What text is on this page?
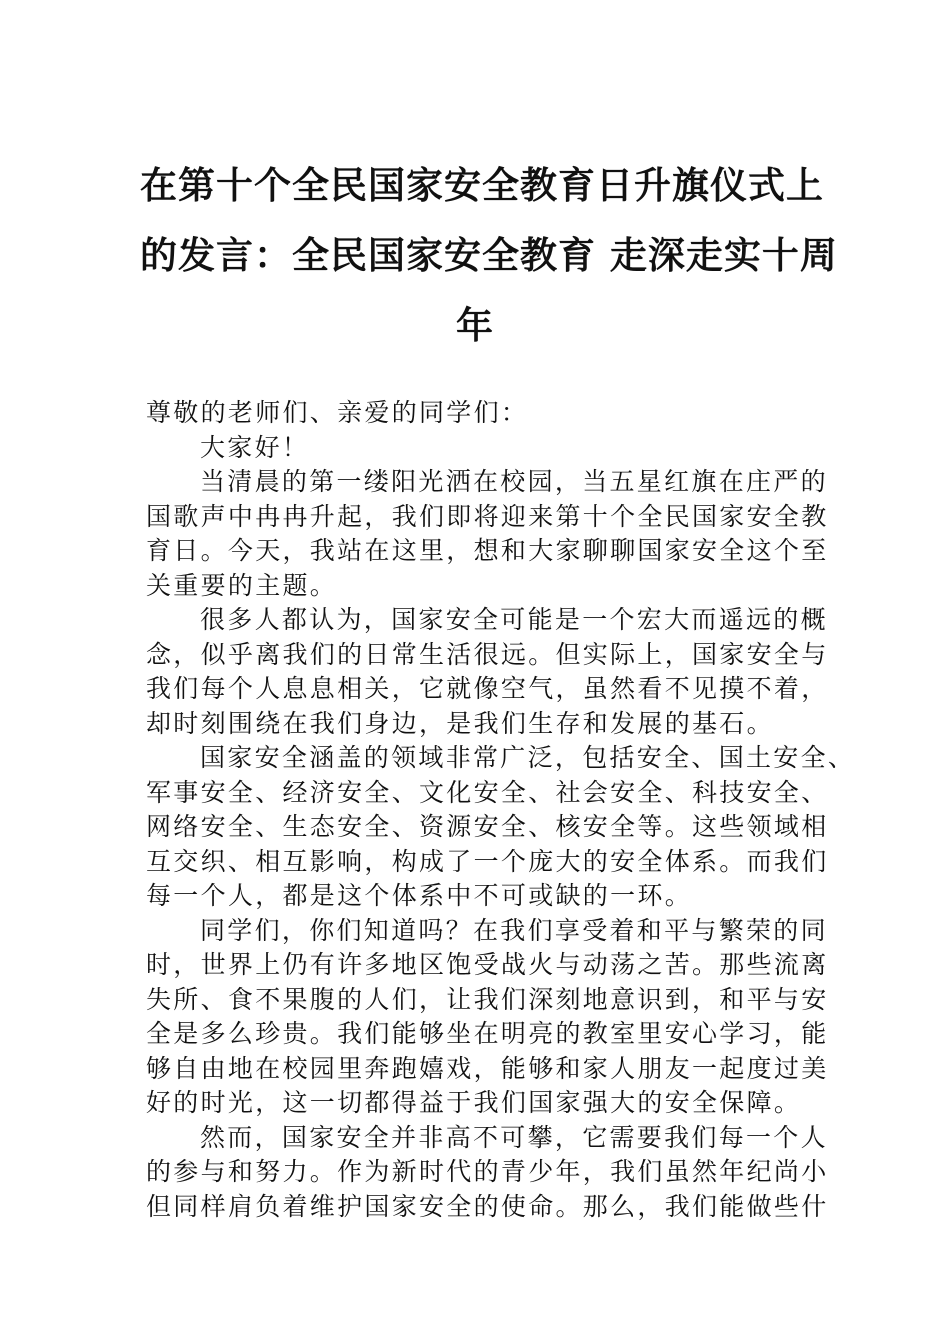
在第十个全民国家安全教育日升旗仪式上
的发言：全民国家安全教育 走深走实十周
年
尊敬的老师们、亲爱的同学们：
大家好！
当清晨的第一缕阳光洒在校园，当五星红旗在庄严的
国歌声中冉冉升起，我们即将迎来第十个全民国家安全教
育日。今天，我站在这里，想和大家聊聊国家安全这个至
关重要的主题。
很多人都认为，国家安全可能是一个宏大而遥远的概
念，似乎离我们的日常生活很远。但实际上，国家安全与
我们每个人息息相关，它就像空气，虽然看不见摸不着，
却时刻围绕在我们身边，是我们生存和发展的基石。
国家安全涵盖的领域非常广泛，包括安全、国土安全、
军事安全、经济安全、文化安全、社会安全、科技安全、
网络安全、生态安全、资源安全、核安全等。这些领域相
互交织、相互影响，构成了一个庞大的安全体系。而我们
每一个人，都是这个体系中不可或缺的一环。
同学们，你们知道吗？在我们享受着和平与繁荣的同
时，世界上仍有许多地区饱受战火与动荡之苦。那些流离
失所、食不果腹的人们，让我们深刻地意识到，和平与安
全是多么珍贵。我们能够坐在明亮的教室里安心学习，能
够自由地在校园里奔跑嬉戏，能够和家人朋友一起度过美
好的时光，这一切都得益于我们国家强大的安全保障。
然而，国家安全并非高不可攀，它需要我们每一个人
的参与和努力。作为新时代的青少年，我们虽然年纪尚小
但同样肩负着维护国家安全的使命。那么，我们能做些什
